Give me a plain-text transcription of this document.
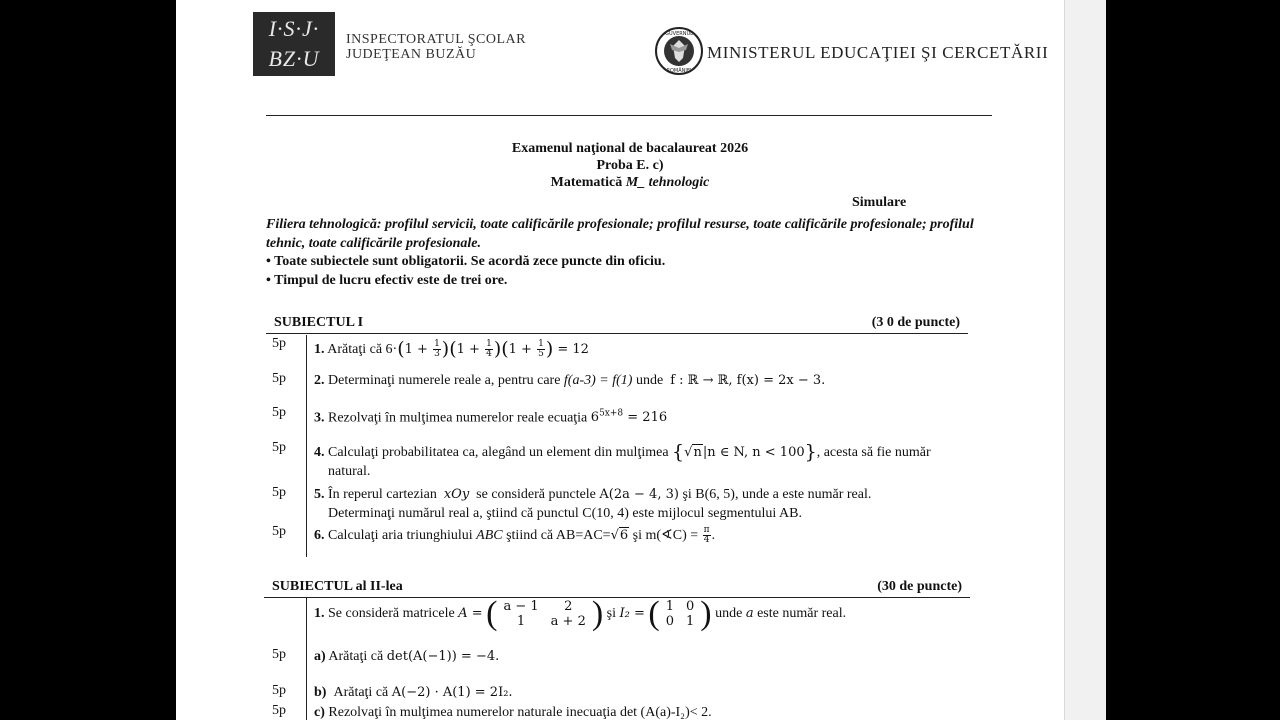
I·S·J·
BZ·U
INSPECTORATUL ŞCOLAR
JUDEŢEAN BUZĂU
GUVERNUL
ROMÂNIEI
MINISTERUL EDUCAŢIEI ŞI CERCETĂRII
Examenul naţional de bacalaureat 2026
Proba E. c)
Matematică M_ tehnologic
Simulare
Filiera tehnologică: profilul servicii, toate calificările profesionale; profilul resurse, toate calificările profesionale; profilul tehnic, toate calificările profesionale.
• Toate subiectele sunt obligatorii. Se acordă zece puncte din oficiu.
• Timpul de lucru efectiv este de trei ore.
SUBIECTUL I	(3 0 de puncte)
5p 1. Arătaţi că $6\cdot(1 + \frac{1}{3} )(1 + \frac{1}{4} )(1 + \frac{1}{5}$ ) = 12
5p 2. Determinaţi numerele reale a, pentru care f(a-3) = f(1) unde f : ℝ → ℝ, f(x) = 2x − 3.
5p 3. Rezolvaţi în mulţimea numerelor reale ecuaţia $6^{5x+8} = 216$
5p 4. Calculaţi probabilitatea ca, alegând un element din mulţimea {√n|n ∈ N, n < 100}, acesta să fie număr
natural.
5p 5. În reperul cartezian xOy se consideră punctele A(2a − 4, 3) şi B(6, 5), unde a este număr real.
Determinaţi numărul real a, ştiind că punctul C(10, 4) este mijlocul segmentului AB.
5p 6. Calculaţi aria triunghiului ABC ştiind că AB=AC=√6 şi m(∢C) = $\frac{\pi}{4}$ .
SUBIECTUL al II-lea	(30 de puncte)
1. Se consideră matricele A = ( a − 1	2
1	a + 2 ) şi I₂ = ( 1	0
0	1 ) unde a este număr real.
5p a) Arătaţi că det(A(−1)) = −4.
5p b) Arătaţi că A(−2) · A(1) = 2I₂.
5p c) Rezolvaţi în mulţimea numerelor naturale inecuaţia det (A(a)-I₂)< 2.
